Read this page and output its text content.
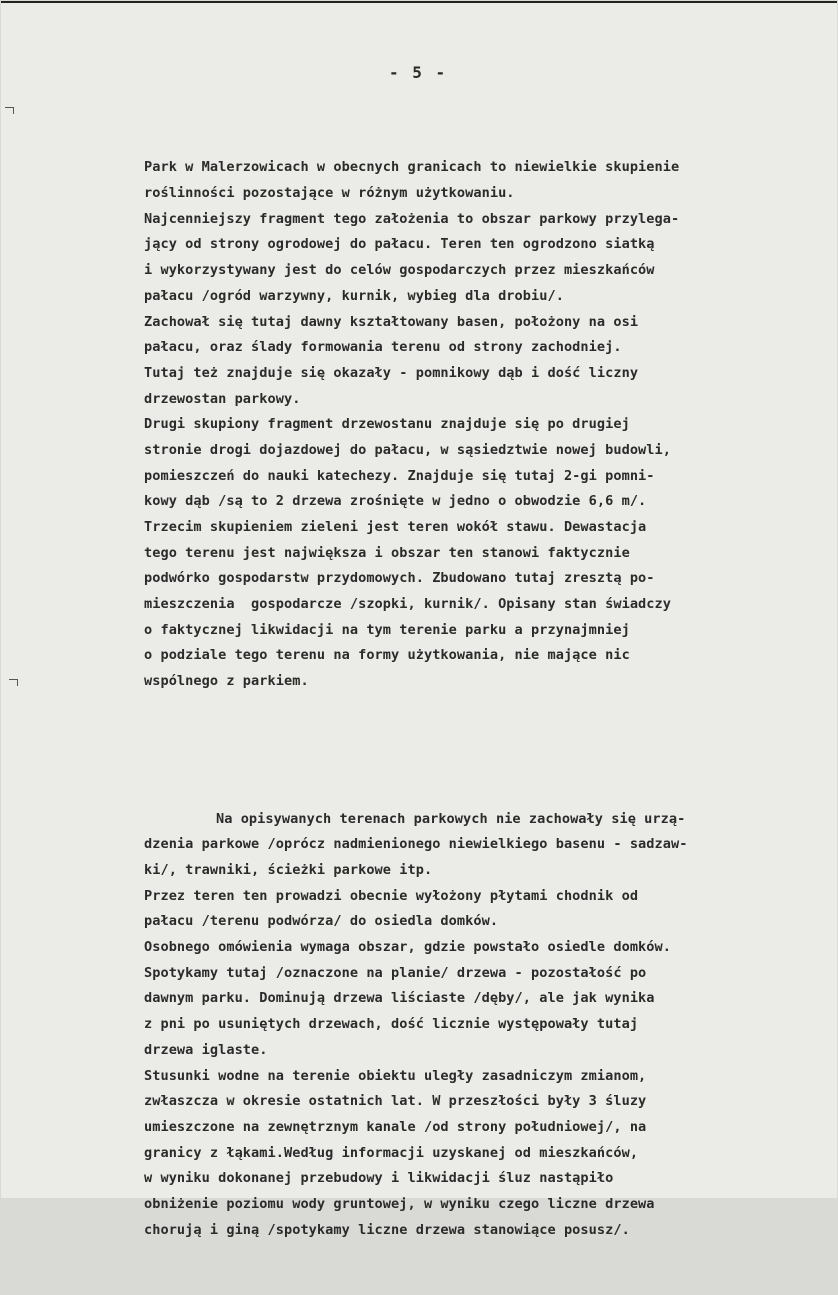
- 5 -

Park w Malerzowicach w obecnych granicach to niewielkie skupienie
roślinności pozostające w różnym użytkowaniu.
Najcenniejszy fragment tego założenia to obszar parkowy przylega-
jący od strony ogrodowej do pałacu. Teren ten ogrodzono siatką
i wykorzystywany jest do celów gospodarczych przez mieszkańców
pałacu /ogród warzywny, kurnik, wybieg dla drobiu/.
Zachował się tutaj dawny kształtowany basen, położony na osi
pałacu, oraz ślady formowania terenu od strony zachodniej.
Tutaj też znajduje się okazały - pomnikowy dąb i dość liczny
drzewostan parkowy.
Drugi skupiony fragment drzewostanu znajduje się po drugiej
stronie drogi dojazdowej do pałacu, w sąsiedztwie nowej budowli,
pomieszczeń do nauki katechezy. Znajduje się tutaj 2-gi pomni-
kowy dąb /są to 2 drzewa zrośnięte w jedno o obwodzie 6,6 m/.
Trzecim skupieniem zieleni jest teren wokół stawu. Dewastacja
tego terenu jest największa i obszar ten stanowi faktycznie
podwórko gospodarstw przydomowych. Zbudowano tutaj zresztą po-
mieszczenia  gospodarcze /szopki, kurnik/. Opisany stan świadczy
o faktycznej likwidacji na tym terenie parku a przynajmniej
o podziale tego terenu na formy użytkowania, nie mające nic
wspólnego z parkiem.

Na opisywanych terenach parkowych nie zachowały się urzą-
dzenia parkowe /oprócz nadmienionego niewielkiego basenu - sadzaw-
ki/, trawniki, ścieżki parkowe itp.
Przez teren ten prowadzi obecnie wyłożony płytami chodnik od
pałacu /terenu podwórza/ do osiedla domków.
Osobnego omówienia wymaga obszar, gdzie powstało osiedle domków.
Spotykamy tutaj /oznaczone na planie/ drzewa - pozostałość po
dawnym parku. Dominują drzewa liściaste /dęby/, ale jak wynika
z pni po usuniętych drzewach, dość licznie występowały tutaj
drzewa iglaste.
Stusunki wodne na terenie obiektu uległy zasadniczym zmianom,
zwłaszcza w okresie ostatnich lat. W przeszłości były 3 śluzy
umieszczone na zewnętrznym kanale /od strony południowej/, na
granicy z łąkami.Według informacji uzyskanej od mieszkańców,
w wyniku dokonanej przebudowy i likwidacji śluz nastąpiło
obniżenie poziomu wody gruntowej, w wyniku czego liczne drzewa
chorują i giną /spotykamy liczne drzewa stanowiące posusz/.
